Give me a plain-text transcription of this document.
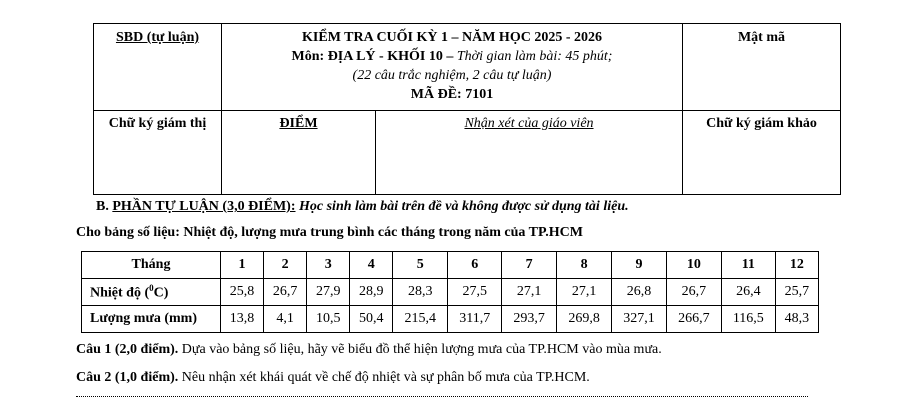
SBD (tự luận)	KIỂM TRA CUỐI KỲ 1 – NĂM HỌC 2025 - 2026
Môn: ĐỊA LÝ - KHỐI 10 – Thời gian làm bài: 45 phút;
(22 câu trắc nghiệm, 2 câu tự luận)
MÃ ĐỀ: 7101		Mật mã

Chữ ký giám thị	ĐIỂM	Nhận xét của giáo viên	Chữ ký giám khảo
B. PHẦN TỰ LUẬN (3,0 ĐIỂM): Học sinh làm bài trên đề và không được sử dụng tài liệu.
Cho bảng số liệu: Nhiệt độ, lượng mưa trung bình các tháng trong năm của TP.HCM
Tháng	1	2	3	4	5	6	7	8	9	10	11	12
Nhiệt độ ($^0$C)	25,8	26,7	27,9	28,9	28,3	27,5	27,1	27,1	26,8	26,7	26,4	25,7
Lượng mưa (mm)	13,8	4,1	10,5	50,4	215,4	311,7	293,7	269,8	327,1	266,7	116,5	48,3
Câu 1 (2,0 điểm). Dựa vào bảng số liệu, hãy vẽ biểu đồ thể hiện lượng mưa của TP.HCM vào mùa mưa.
Câu 2 (1,0 điểm). Nêu nhận xét khái quát về chế độ nhiệt và sự phân bố mưa của TP.HCM.
